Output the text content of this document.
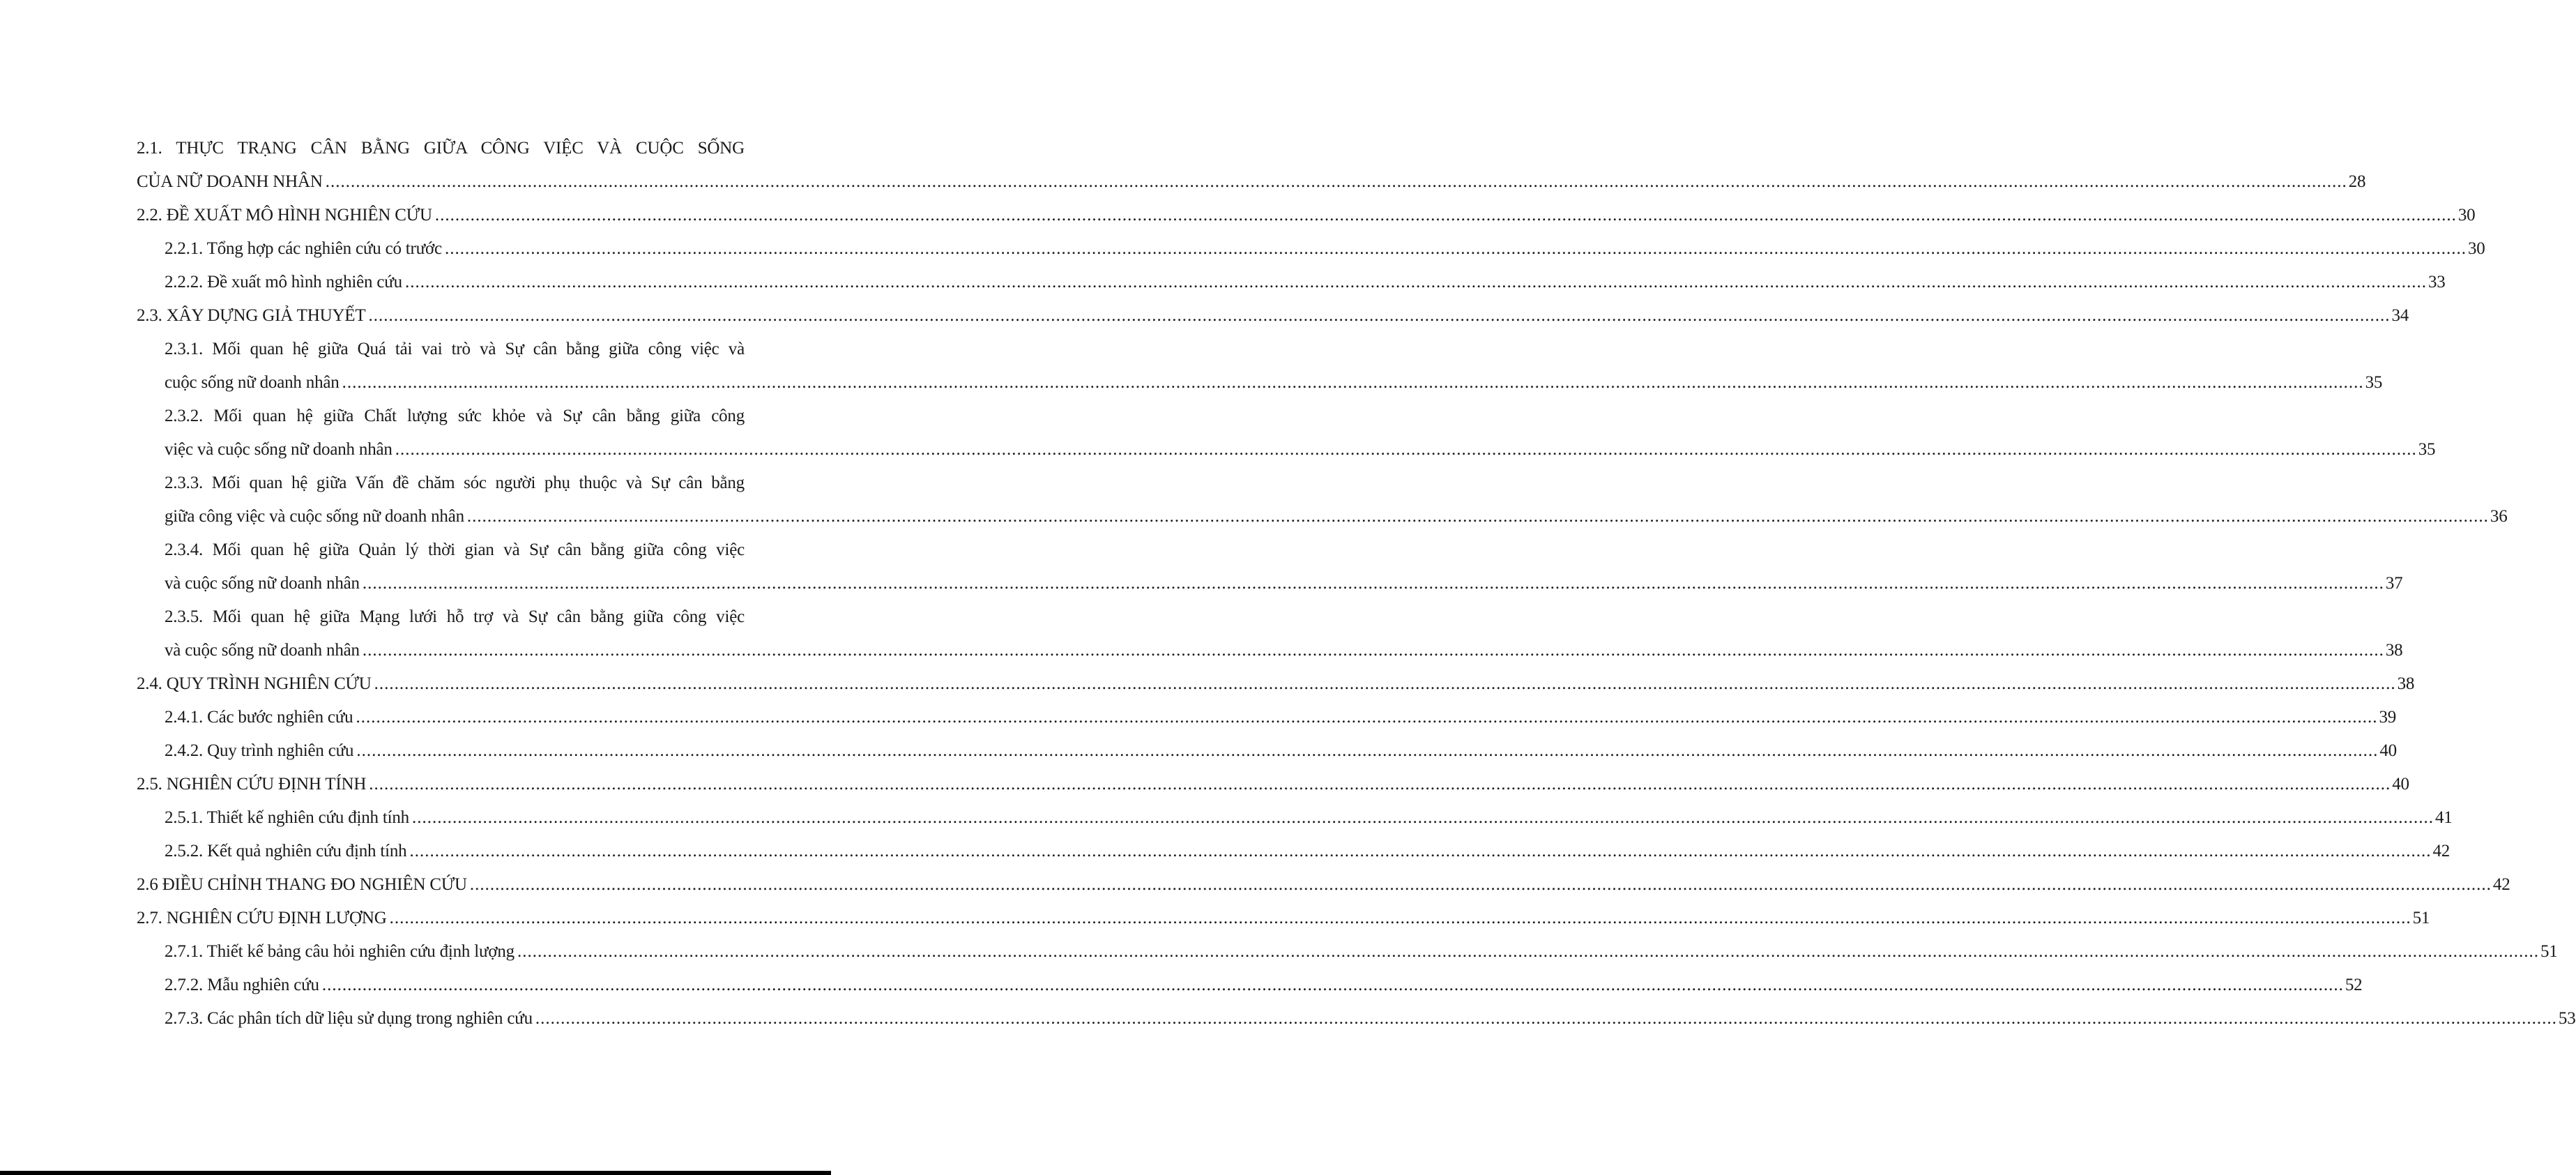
2.1. THỰC TRẠNG CÂN BẰNG GIỮA CÔNG VIỆC VÀ CUỘC SỐNG
CỦA NỮ DOANH NHÂN ................................................................................................................................................................................................................................................................................................................................................................................................................ 28
2.2. ĐỀ XUẤT MÔ HÌNH NGHIÊN CỨU ................................................................................................................................................................................................................................................................................................................................................................................................................ 30
2.2.1. Tổng hợp các nghiên cứu có trước ................................................................................................................................................................................................................................................................................................................................................................................................................ 30
2.2.2. Đề xuất mô hình nghiên cứu ................................................................................................................................................................................................................................................................................................................................................................................................................ 33
2.3. XÂY DỰNG GIẢ THUYẾT ................................................................................................................................................................................................................................................................................................................................................................................................................ 34
2.3.1. Mối quan hệ giữa Quá tải vai trò và Sự cân bằng giữa công việc và
cuộc sống nữ doanh nhân ................................................................................................................................................................................................................................................................................................................................................................................................................ 35
2.3.2. Mối quan hệ giữa Chất lượng sức khỏe và Sự cân bằng giữa công
việc và cuộc sống nữ doanh nhân ................................................................................................................................................................................................................................................................................................................................................................................................................ 35
2.3.3. Mối quan hệ giữa Vấn đề chăm sóc người phụ thuộc và Sự cân bằng
giữa công việc và cuộc sống nữ doanh nhân ................................................................................................................................................................................................................................................................................................................................................................................................................ 36
2.3.4. Mối quan hệ giữa Quản lý thời gian và Sự cân bằng giữa công việc
và cuộc sống nữ doanh nhân ................................................................................................................................................................................................................................................................................................................................................................................................................ 37
2.3.5. Mối quan hệ giữa Mạng lưới hỗ trợ và Sự cân bằng giữa công việc
và cuộc sống nữ doanh nhân ................................................................................................................................................................................................................................................................................................................................................................................................................ 38
2.4. QUY TRÌNH NGHIÊN CỨU ................................................................................................................................................................................................................................................................................................................................................................................................................ 38
2.4.1. Các bước nghiên cứu ................................................................................................................................................................................................................................................................................................................................................................................................................ 39
2.4.2. Quy trình nghiên cứu ................................................................................................................................................................................................................................................................................................................................................................................................................ 40
2.5. NGHIÊN CỨU ĐỊNH TÍNH ................................................................................................................................................................................................................................................................................................................................................................................................................ 40
2.5.1. Thiết kế nghiên cứu định tính ................................................................................................................................................................................................................................................................................................................................................................................................................ 41
2.5.2. Kết quả nghiên cứu định tính ................................................................................................................................................................................................................................................................................................................................................................................................................ 42
2.6 ĐIỀU CHỈNH THANG ĐO NGHIÊN CỨU ................................................................................................................................................................................................................................................................................................................................................................................................................ 42
2.7. NGHIÊN CỨU ĐỊNH LƯỢNG ................................................................................................................................................................................................................................................................................................................................................................................................................ 51
2.7.1. Thiết kế bảng câu hỏi nghiên cứu định lượng ................................................................................................................................................................................................................................................................................................................................................................................................................ 51
2.7.2. Mẫu nghiên cứu ................................................................................................................................................................................................................................................................................................................................................................................................................ 52
2.7.3. Các phân tích dữ liệu sử dụng trong nghiên cứu ................................................................................................................................................................................................................................................................................................................................................................................................................ 53
